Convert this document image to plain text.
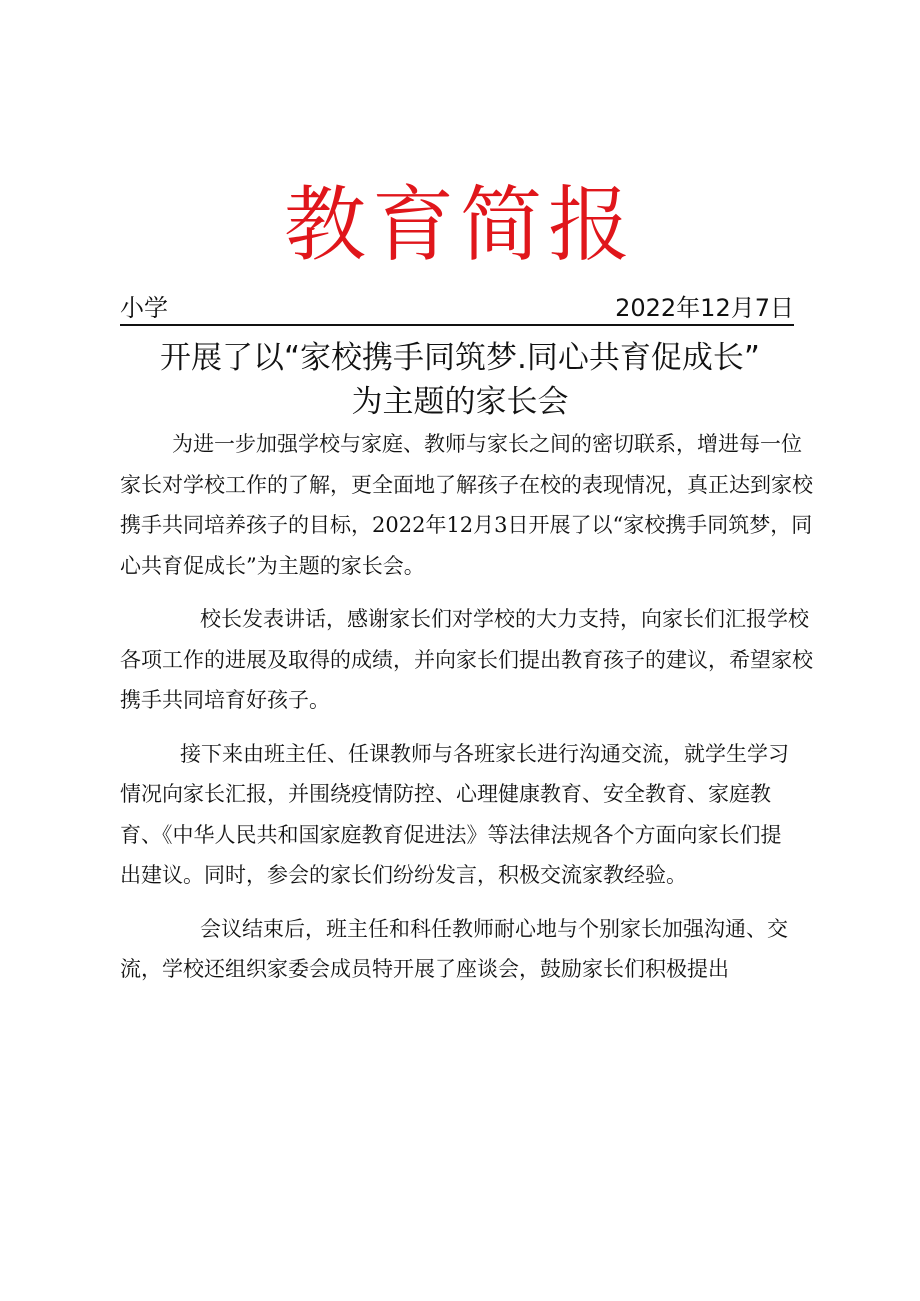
教育简报
小学	2022年12月7日
开展了以“家校携手同筑梦.同心共育促成长”
为主题的家长会

为进一步加强学校与家庭、教师与家长之间的密切联系，增进每一位家长对学校工作的了解，更全面地了解孩子在校的表现情况，真正达到家校携手共同培养孩子的目标，2022年12月3日开展了以“家校携手同筑梦，同心共育促成长”为主题的家长会。

校长发表讲话，感谢家长们对学校的大力支持，向家长们汇报学校各项工作的进展及取得的成绩，并向家长们提出教育孩子的建议，希望家校携手共同培育好孩子。

接下来由班主任、任课教师与各班家长进行沟通交流，就学生学习情况向家长汇报，并围绕疫情防控、心理健康教育、安全教育、家庭教育、《中华人民共和国家庭教育促进法》等法律法规各个方面向家长们提出建议。同时，参会的家长们纷纷发言，积极交流家教经验。

会议结束后，班主任和科任教师耐心地与个别家长加强沟通、交流，学校还组织家委会成员特开展了座谈会，鼓励家长们积极提出
